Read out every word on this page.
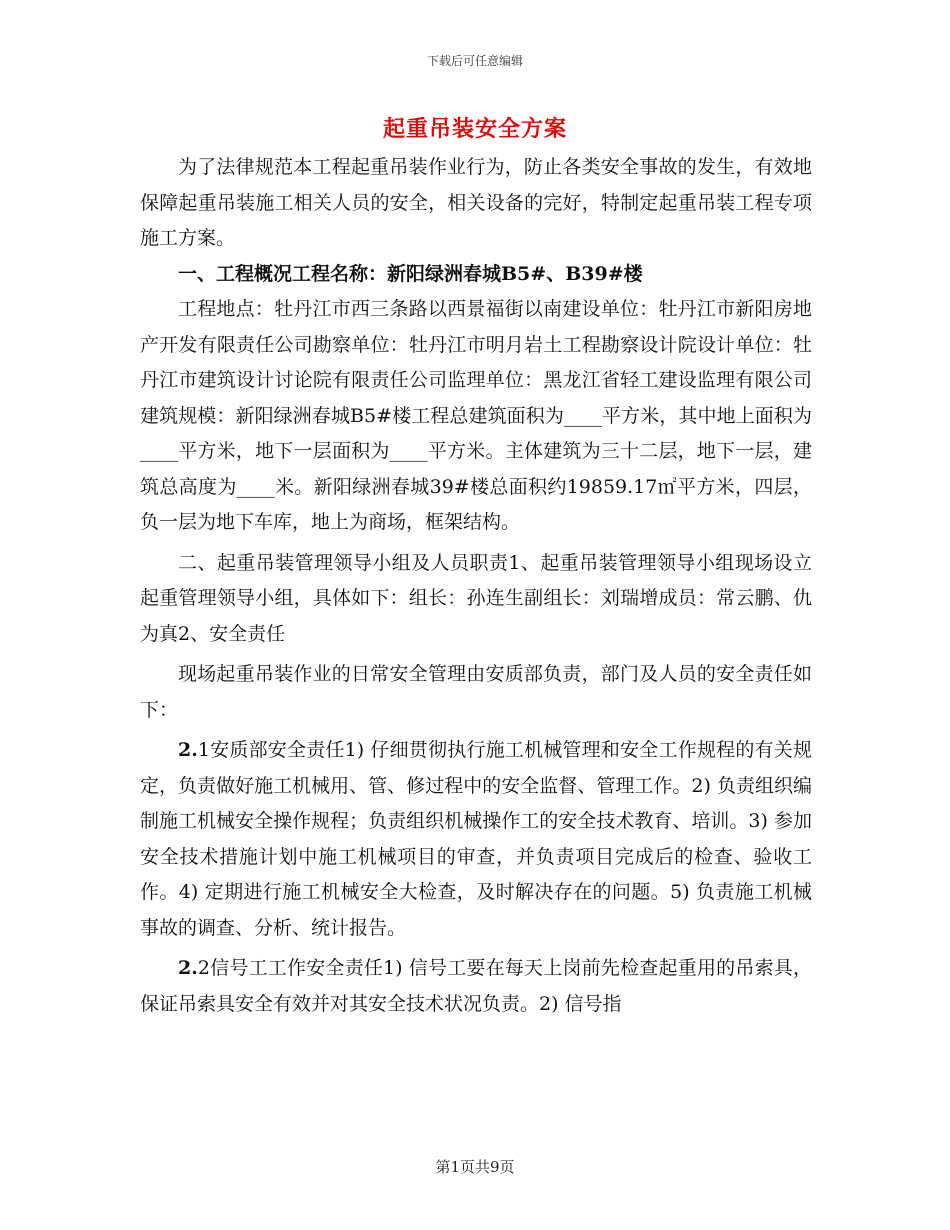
下载后可任意编辑
起重吊装安全方案

为了法律规范本工程起重吊装作业行为，防止各类安全事故的发生，有效地保障起重吊装施工相关人员的安全，相关设备的完好，特制定起重吊装工程专项施工方案。

一、工程概况工程名称：新阳绿洲春城B5#、B39#楼

工程地点：牡丹江市西三条路以西景福街以南建设单位：牡丹江市新阳房地产开发有限责任公司勘察单位：牡丹江市明月岩土工程勘察设计院设计单位：牡丹江市建筑设计讨论院有限责任公司监理单位：黑龙江省轻工建设监理有限公司建筑规模：新阳绿洲春城B5#楼工程总建筑面积为____平方米，其中地上面积为____平方米，地下一层面积为____平方米。主体建筑为三十二层，地下一层，建筑总高度为____米。新阳绿洲春城39#楼总面积约19859.17㎡平方米，四层，负一层为地下车库，地上为商场，框架结构。

二、起重吊装管理领导小组及人员职责1、起重吊装管理领导小组现场设立起重管理领导小组，具体如下：组长：孙连生副组长：刘瑞增成员：常云鹏、仇为真2、安全责任

现场起重吊装作业的日常安全管理由安质部负责，部门及人员的安全责任如下：

2.1安质部安全责任1) 仔细贯彻执行施工机械管理和安全工作规程的有关规定，负责做好施工机械用、管、修过程中的安全监督、管理工作。2) 负责组织编制施工机械安全操作规程；负责组织机械操作工的安全技术教育、培训。3) 参加安全技术措施计划中施工机械项目的审查，并负责项目完成后的检查、验收工作。4) 定期进行施工机械安全大检查，及时解决存在的问题。5) 负责施工机械事故的调查、分析、统计报告。

2.2信号工工作安全责任1) 信号工要在每天上岗前先检查起重用的吊索具，保证吊索具安全有效并对其安全技术状况负责。2) 信号指

第1页共9页
